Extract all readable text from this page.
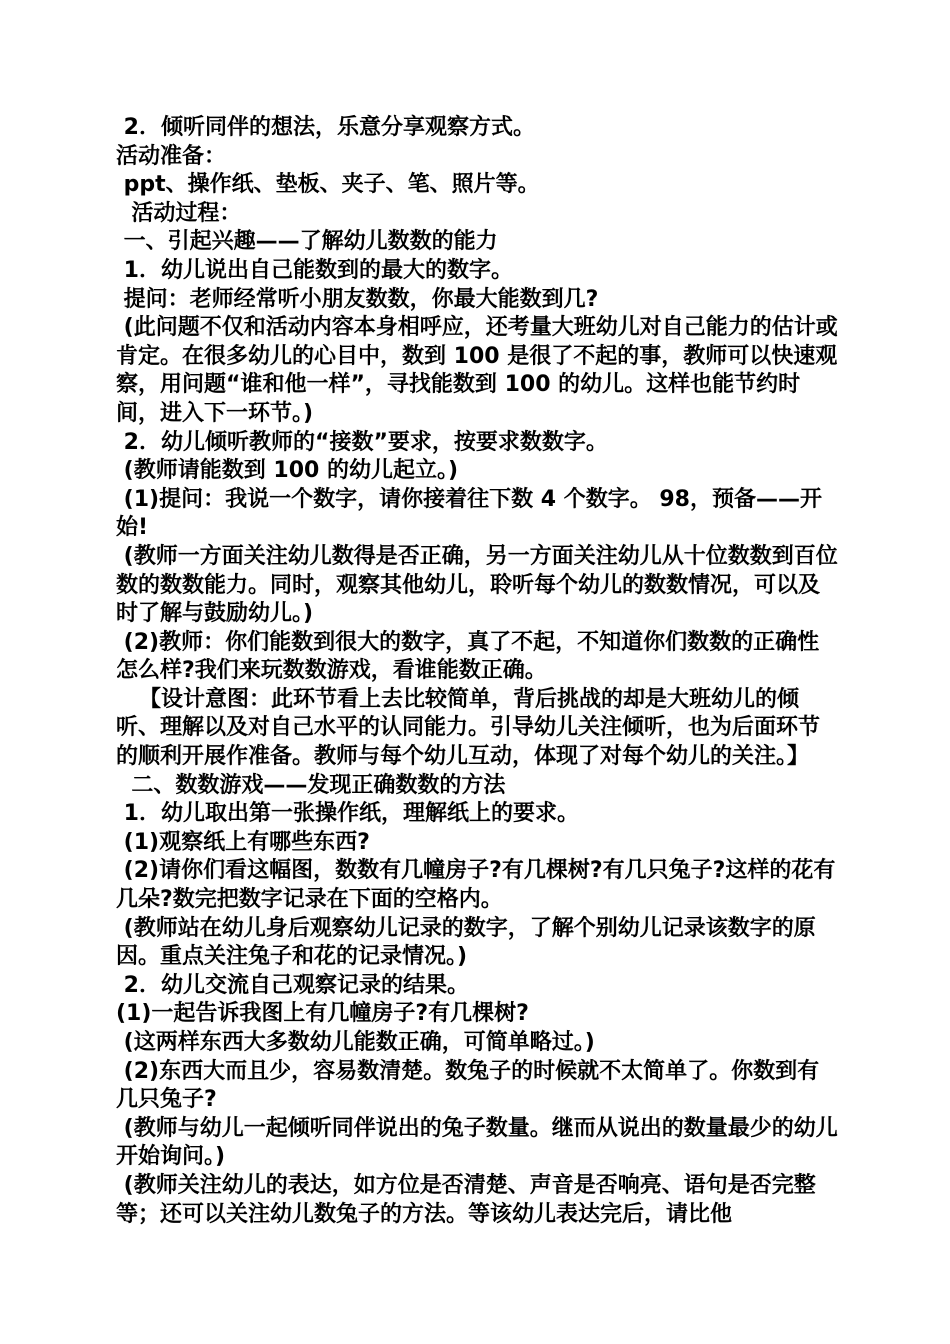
2．倾听同伴的想法，乐意分享观察方式。

活动准备：

ppt、操作纸、垫板、夹子、笔、照片等。

活动过程：

一、引起兴趣——了解幼儿数数的能力

1．幼儿说出自己能数到的最大的数字。

提问：老师经常听小朋友数数，你最大能数到几?

(此问题不仅和活动内容本身相呼应，还考量大班幼儿对自己能力的估计或肯定。在很多幼儿的心目中，数到 100 是很了不起的事，教师可以快速观察，用问题“谁和他一样”，寻找能数到 100 的幼儿。这样也能节约时间，进入下一环节。)

2．幼儿倾听教师的“接数”要求，按要求数数字。

(教师请能数到 100 的幼儿起立。)

(1)提问：我说一个数字，请你接着往下数 4 个数字。 98，预备——开始!

(教师一方面关注幼儿数得是否正确，另一方面关注幼儿从十位数数到百位数的数数能力。同时，观察其他幼儿，聆听每个幼儿的数数情况，可以及时了解与鼓励幼儿。)

(2)教师：你们能数到很大的数字，真了不起，不知道你们数数的正确性怎么样?我们来玩数数游戏，看谁能数正确。

【设计意图：此环节看上去比较简单，背后挑战的却是大班幼儿的倾听、理解以及对自己水平的认同能力。引导幼儿关注倾听，也为后面环节的顺利开展作准备。教师与每个幼儿互动，体现了对每个幼儿的关注。】

二、数数游戏——发现正确数数的方法

1．幼儿取出第一张操作纸，理解纸上的要求。

(1)观察纸上有哪些东西?

(2)请你们看这幅图，数数有几幢房子?有几棵树?有几只兔子?这样的花有几朵?数完把数字记录在下面的空格内。

(教师站在幼儿身后观察幼儿记录的数字，了解个别幼儿记录该数字的原因。重点关注兔子和花的记录情况。)

2．幼儿交流自己观察记录的结果。

(1)一起告诉我图上有几幢房子?有几棵树?

(这两样东西大多数幼儿能数正确，可简单略过。)

(2)东西大而且少，容易数清楚。数兔子的时候就不太简单了。你数到有几只兔子?

(教师与幼儿一起倾听同伴说出的兔子数量。继而从说出的数量最少的幼儿开始询问。)

(教师关注幼儿的表达，如方位是否清楚、声音是否响亮、语句是否完整等；还可以关注幼儿数兔子的方法。等该幼儿表达完后，请比他
